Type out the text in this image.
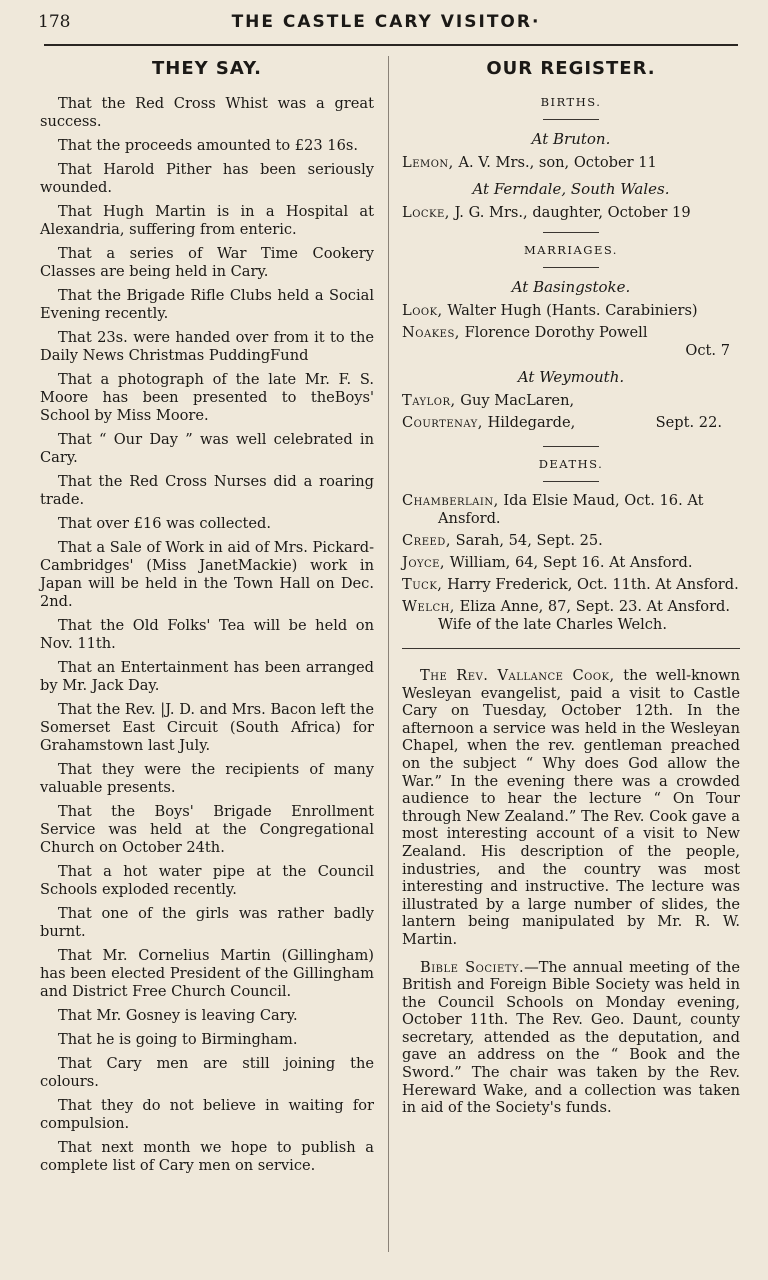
178	THE CASTLE CARY VISITOR·
THEY SAY.

That the Red Cross Whist was a great success.

That the proceeds amounted to £23 16s.

That Harold Pither has been seriously wounded.

That Hugh Martin is in a Hospital at Alexandria, suffering from enteric.

That a series of War Time Cookery Classes are being held in Cary.

That the Brigade Rifle Clubs held a Social Evening recently.

That 23s. were handed over from it to the Daily News Christmas PuddingFund

That a photograph of the late Mr. F. S. Moore has been presented to theBoys' School by Miss Moore.

That “ Our Day ” was well celebrated in Cary.

That the Red Cross Nurses did a roaring trade.

That over £16 was collected.

That a Sale of Work in aid of Mrs. Pickard-Cambridges' (Miss JanetMackie) work in Japan will be held in the Town Hall on Dec. 2nd.

That the Old Folks' Tea will be held on Nov. 11th.

That an Entertainment has been arranged by Mr. Jack Day.

That the Rev. |J. D. and Mrs. Bacon left the Somerset East Circuit (South Africa) for Grahamstown last July.

That they were the recipients of many valuable presents.

That the Boys' Brigade Enrollment Service was held at the Congregational Church on October 24th.

That a hot water pipe at the Council Schools exploded recently.

That one of the girls was rather badly burnt.

That Mr. Cornelius Martin (Gillingham) has been elected President of the Gillingham and District Free Church Council.

That Mr. Gosney is leaving Cary.

That he is going to Birmingham.

That Cary men are still joining the colours.

That they do not believe in waiting for compulsion.

That next month we hope to publish a complete list of Cary men on service.

OUR REGISTER.
BIRTHS.
At Bruton.

Lemon, A. V. Mrs., son, October 11

At Ferndale, South Wales.

Locke, J. G. Mrs., daughter, October 19

MARRIAGES.
At Basingstoke.

Look, Walter Hugh (Hants. Carabiniers)

Noakes, Florence Dorothy Powell

Oct. 7

At Weymouth.

Taylor, Guy MacLaren,

Courtenay, Hildegarde,	Sept. 22.

DEATHS.

Chamberlain, Ida Elsie Maud, Oct. 16. At Ansford.

Creed, Sarah, 54, Sept. 25.

Joyce, William, 64, Sept 16. At Ansford.

Tuck, Harry Frederick, Oct. 11th. At Ansford.

Welch, Eliza Anne, 87, Sept. 23. At Ansford. Wife of the late Charles Welch.

The Rev. Vallance Cook, the well-known Wesleyan evangelist, paid a visit to Castle Cary on Tuesday, October 12th. In the afternoon a service was held in the Wesleyan Chapel, when the rev. gentleman preached on the subject “ Why does God allow the War.” In the evening there was a crowded audience to hear the lecture “ On Tour through New Zealand.” The Rev. Cook gave a most interesting account of a visit to New Zealand. His description of the people, industries, and the country was most interesting and instructive. The lecture was illustrated by a large number of slides, the lantern being manipulated by Mr. R. W. Martin.

Bible Society.—The annual meeting of the British and Foreign Bible Society was held in the Council Schools on Monday evening, October 11th. The Rev. Geo. Daunt, county secretary, attended as the deputation, and gave an address on the “ Book and the Sword.” The chair was taken by the Rev. Hereward Wake, and a collection was taken in aid of the Society's funds.
